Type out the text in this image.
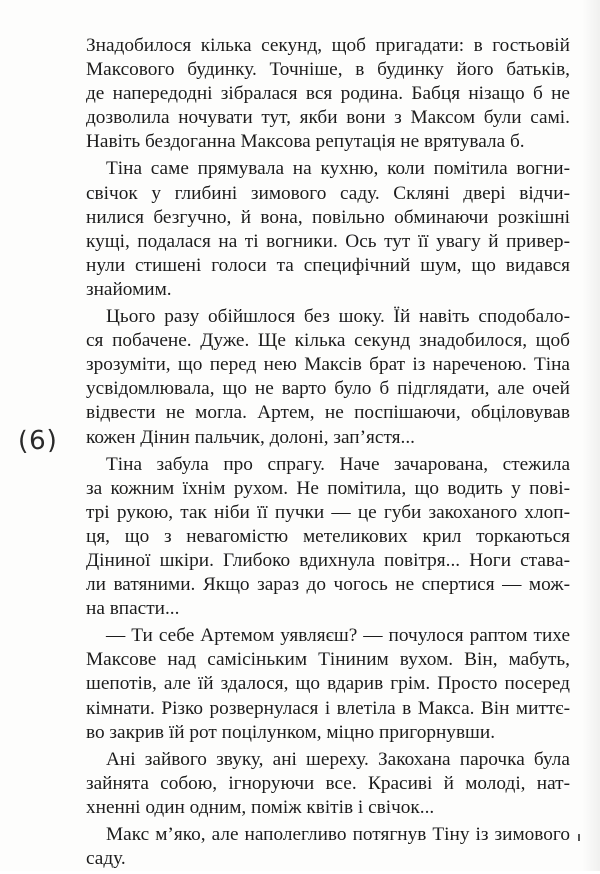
(6)
Знадобилося кілька секунд, щоб пригадати: в гостьовій
Максового будинку. Точніше, в будинку його батьків,
де напередодні зібралася вся родина. Бабця нізащо б не
дозволила ночувати тут, якби вони з Максом були самі.
Навіть бездоганна Максова репутація не врятувала б.
Тіна саме прямувала на кухню, коли помітила вогни-
свічок у глибині зимового саду. Скляні двері відчи-
нилися безгучно, й вона, повільно обминаючи розкішні
кущі, подалася на ті вогники. Ось тут її увагу й привер-
нули стишені голоси та специфічний шум, що видався
знайомим.
Цього разу обійшлося без шоку. Їй навіть сподобало-
ся побачене. Дуже. Ще кілька секунд знадобилося, щоб
зрозуміти, що перед нею Максів брат із нареченою. Тіна
усвідомлювала, що не варто було б підглядати, але очей
відвести не могла. Артем, не поспішаючи, обціловував
кожен Дінин пальчик, долоні, зап’ястя...
Тіна забула про спрагу. Наче зачарована, стежила
за кожним їхнім рухом. Не помітила, що водить у пові-
трі рукою, так ніби її пучки — це губи закоханого хлоп-
ця, що з невагомістю метеликових крил торкаються
Діниної шкіри. Глибоко вдихнула повітря... Ноги ставa-
ли ватяними. Якщо зараз до чогось не спертися — мож-
на впасти...
— Ти себе Артемом уявляєш? — почулося раптом тихе
Максове над самісіньким Тіниним вухом. Він, мабуть,
шепотів, але їй здалося, що вдарив грім. Просто посеред
кімнати. Різко розвернулася і влетіла в Макса. Він миттє-
во закрив їй рот поцілунком, міцно пригорнувши.
Ані зайвого звуку, ані шереху. Закохана парочка була
зайнята собою, ігноруючи все. Красиві й молоді, нат-
хненні один одним, поміж квітів і свічок...
Макс м’яко, але наполегливо потягнув Тіну із зимового
саду.
